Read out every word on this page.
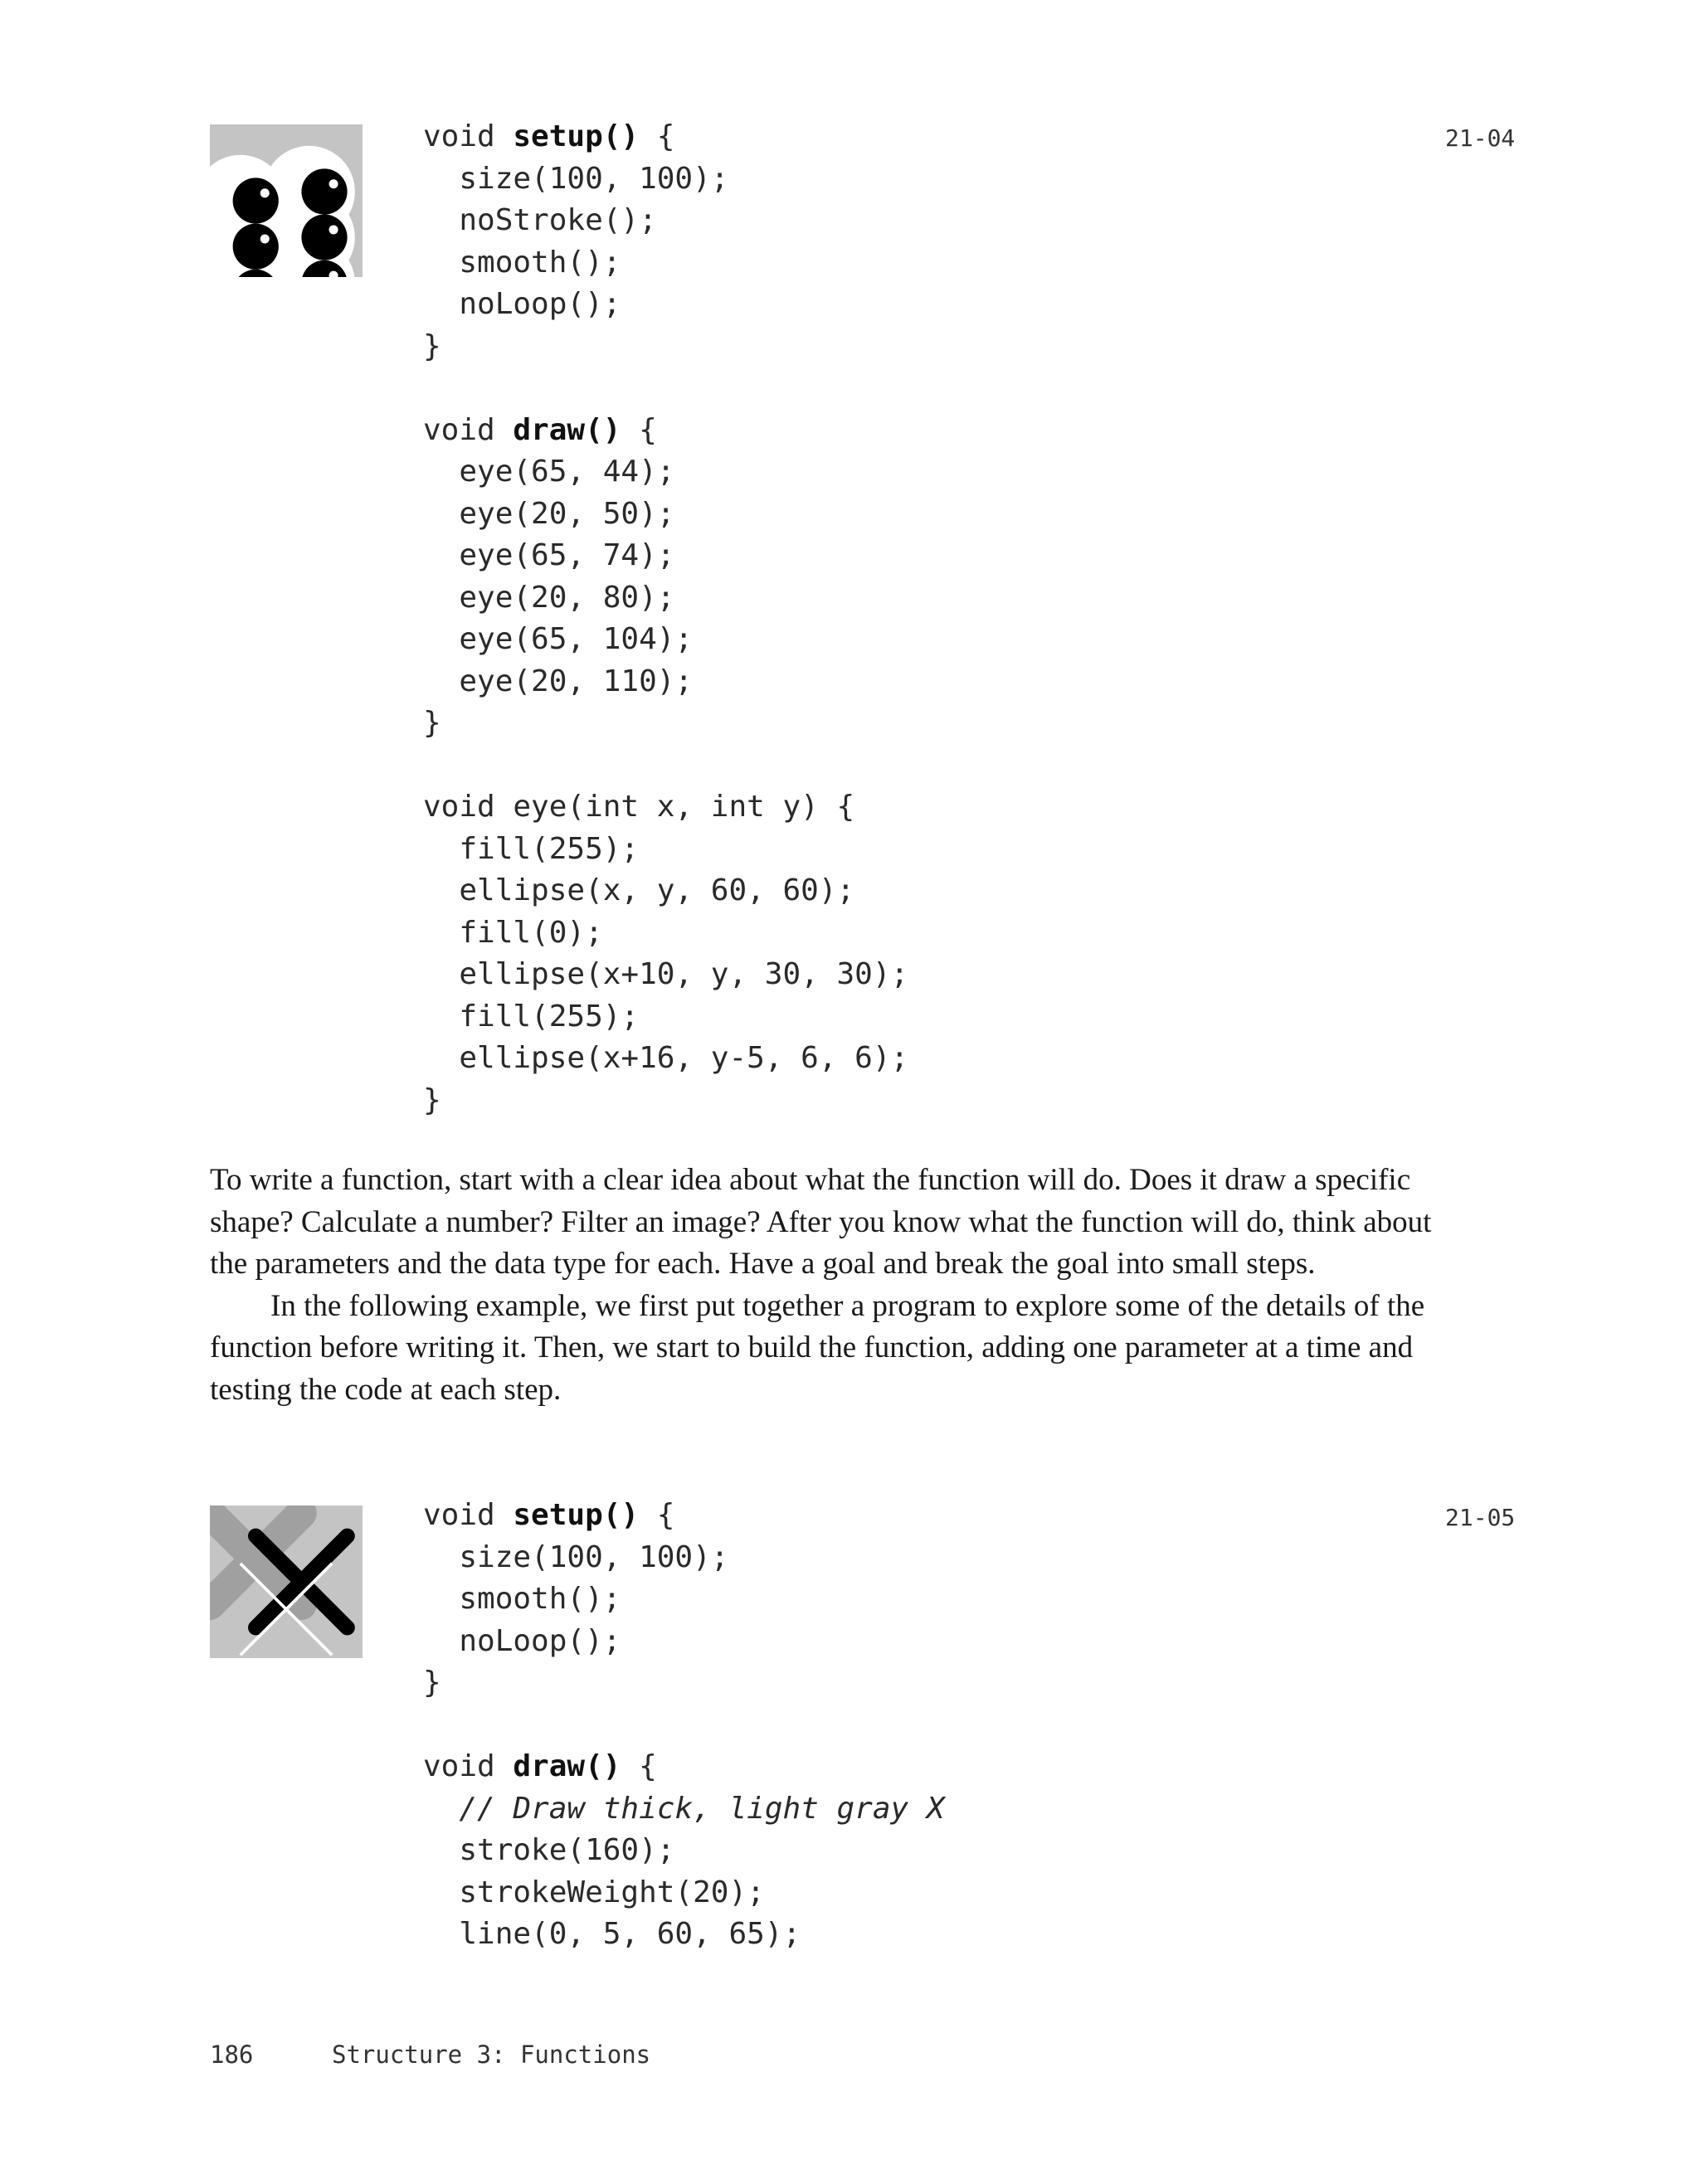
void setup() {
size(100, 100);
noStroke();
smooth();
noLoop();
}
void draw() {
eye(65, 44);
eye(20, 50);
eye(65, 74);
eye(20, 80);
eye(65, 104);
eye(20, 110);
}
void eye(int x, int y) {
fill(255);
ellipse(x, y, 60, 60);
fill(0);
ellipse(x+10, y, 30, 30);
fill(255);
ellipse(x+16, y-5, 6, 6);
}
21-04

To write a function, start with a clear idea about what the function will do. Does it draw a specific shape? Calculate a number? Filter an image? After you know what the function will do, think about the parameters and the data type for each. Have a goal and break the goal into small steps.

In the following example, we first put together a program to explore some of the details of the function before writing it. Then, we start to build the function, adding one parameter at a time and testing the code at each step.

void setup() {
size(100, 100);
smooth();
noLoop();
}
void draw() {
// Draw thick, light gray X
stroke(160);
strokeWeight(20);
line(0, 5, 60, 65);
21-05
186	Structure 3: Functions
